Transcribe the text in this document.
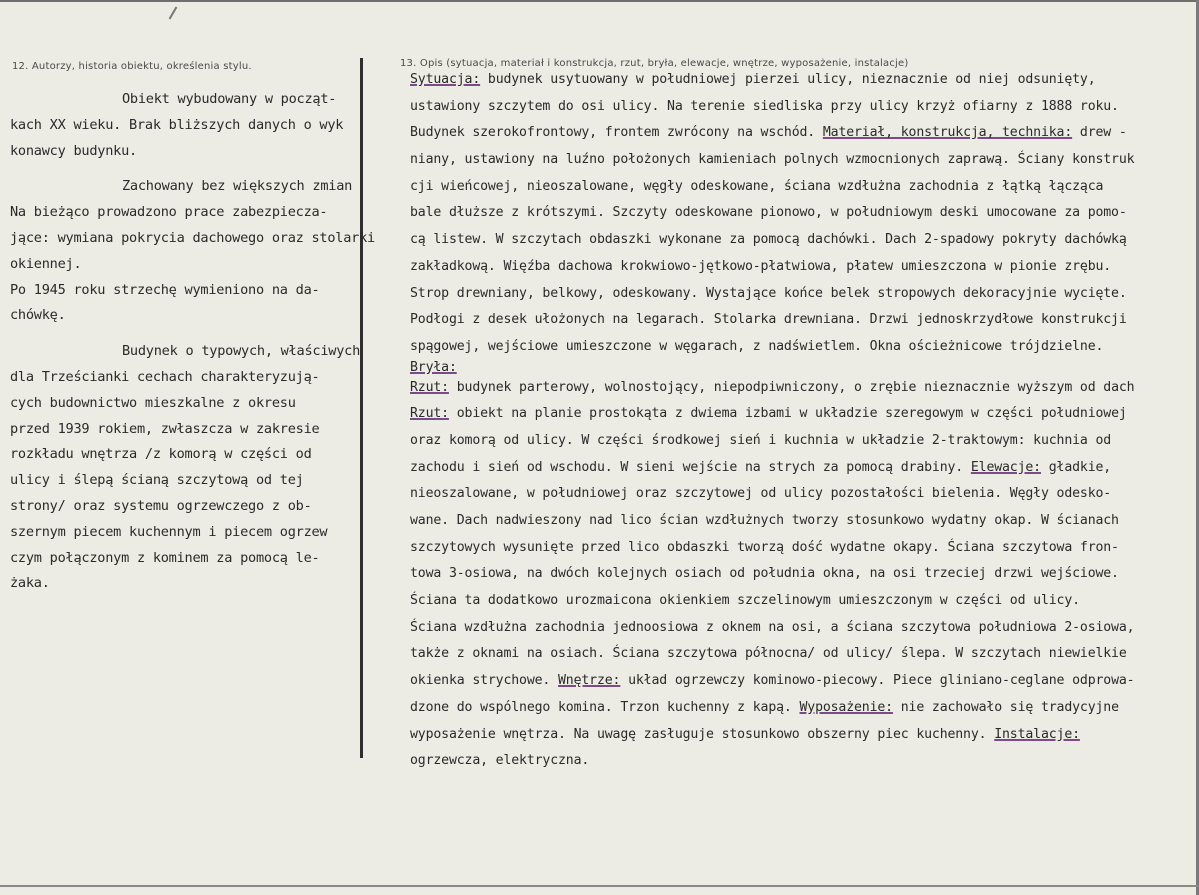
12. Autorzy, historia obiektu, określenia stylu.	13. Opis (sytuacja, materiał i konstrukcja, rzut, bryła, elewacje, wnętrze, wyposażenie, instalacje)
Obiekt wybudowany w począt-
kach XX wieku. Brak bliższych danych o wyk
konawcy budynku.
Zachowany bez większych zmian
Na bieżąco prowadzono prace zabezpiecza-
jące: wymiana pokrycia dachowego oraz stolarki
okiennej.
Po 1945 roku strzechę wymieniono na da-
chówkę.
Budynek o typowych, właściwych
dla Trześcianki cechach charakteryzują-
cych budownictwo mieszkalne z okresu
przed 1939 rokiem, zwłaszcza w zakresie
rozkładu wnętrza /z komorą w części od
ulicy i ślepą ścianą szczytową od tej
strony/ oraz systemu ogrzewczego z ob-
szernym piecem kuchennym i piecem ogrzew
czym połączonym z kominem za pomocą le-
żaka.
Sytuacja: budynek usytuowany w południowej pierzei ulicy, nieznacznie od niej odsunięty,
ustawiony szczytem do osi ulicy. Na terenie siedliska przy ulicy krzyż ofiarny z 1888 roku.
Budynek szerokofrontowy, frontem zwrócony na wschód. Materiał, konstrukcja, technika: drew -
niany, ustawiony na luźno położonych kamieniach polnych wzmocnionych zaprawą. Ściany konstruk
cji wieńcowej, nieoszalowane, węgły odeskowane, ściana wzdłużna zachodnia z łątką łącząca
bale dłuższe z krótszymi. Szczyty odeskowane pionowo, w południowym deski umocowane za pomo-
cą listew. W szczytach obdaszki wykonane za pomocą dachówki. Dach 2-spadowy pokryty dachówką
zakładkową. Więźba dachowa krokwiowo-jętkowo-płatwiowa, płatew umieszczona w pionie zrębu.
Strop drewniany, belkowy, odeskowany. Wystające końce belek stropowych dekoracyjnie wycięte.
Podłogi z desek ułożonych na legarach. Stolarka drewniana. Drzwi jednoskrzydłowe konstrukcji
spągowej, wejściowe umieszczone w węgarach, z nadświetlem. Okna ościeżnicowe trójdzielne.
Bryła:
Rzut: budynek parterowy, wolnostojący, niepodpiwniczony, o zrębie nieznacznie wyższym od dach
Rzut: obiekt na planie prostokąta z dwiema izbami w układzie szeregowym w części południowej
oraz komorą od ulicy. W części środkowej sień i kuchnia w układzie 2-traktowym: kuchnia od
zachodu i sień od wschodu. W sieni wejście na strych za pomocą drabiny. Elewacje: gładkie,
nieoszalowane, w południowej oraz szczytowej od ulicy pozostałości bielenia. Węgły odesko-
wane. Dach nadwieszony nad lico ścian wzdłużnych tworzy stosunkowo wydatny okap. W ścianach
szczytowych wysunięte przed lico obdaszki tworzą dość wydatne okapy. Ściana szczytowa fron-
towa 3-osiowa, na dwóch kolejnych osiach od południa okna, na osi trzeciej drzwi wejściowe.
Ściana ta dodatkowo urozmaicona okienkiem szczelinowym umieszczonym w części od ulicy.
Ściana wzdłużna zachodnia jednoosiowa z oknem na osi, a ściana szczytowa południowa 2-osiowa,
także z oknami na osiach. Ściana szczytowa północna/ od ulicy/ ślepa. W szczytach niewielkie
okienka strychowe. Wnętrze: układ ogrzewczy kominowo-piecowy. Piece gliniano-ceglane odprowa-
dzone do wspólnego komina. Trzon kuchenny z kapą. Wyposażenie: nie zachowało się tradycyjne
wyposażenie wnętrza. Na uwagę zasługuje stosunkowo obszerny piec kuchenny. Instalacje:
ogrzewcza, elektryczna.
